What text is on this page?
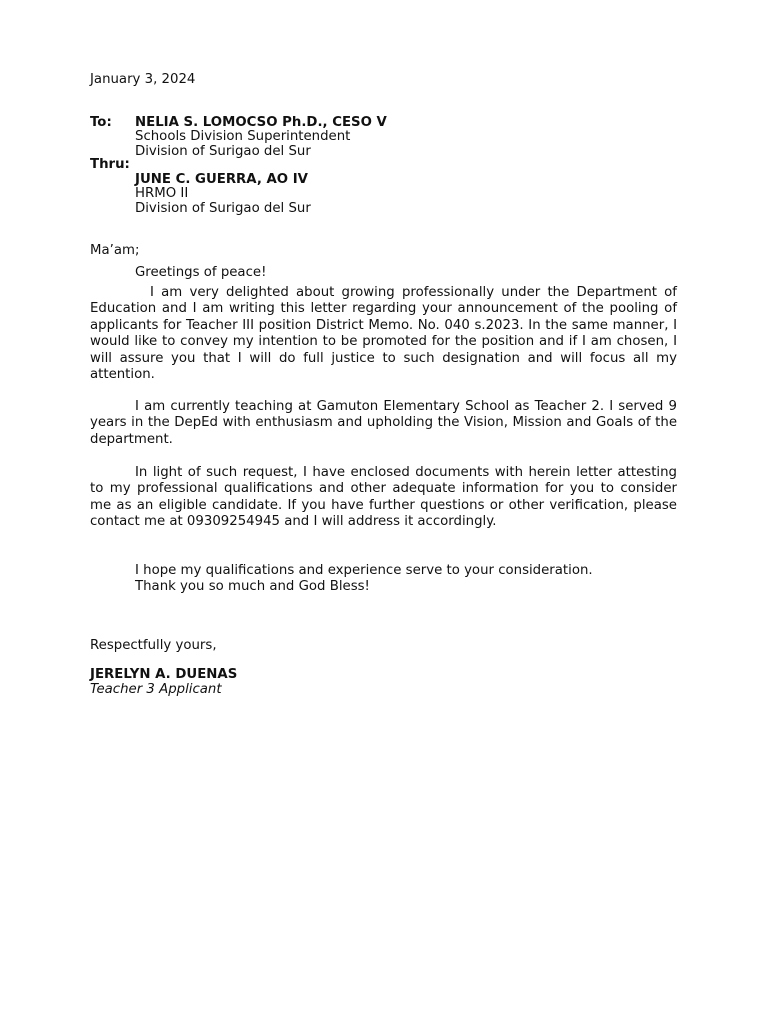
January 3, 2024
To: NELIA S. LOMOCSO Ph.D., CESO V
Schools Division Superintendent
Division of Surigao del Sur
Thru:
JUNE C. GUERRA, AO IV
HRMO II
Division of Surigao del Sur
Ma’am;
Greetings of peace!
I am very delighted about growing professionally under the Department of Education and I am writing this letter regarding your announcement of the pooling of applicants for Teacher III position District Memo. No. 040 s.2023. In the same manner, I would like to convey my intention to be promoted for the position and if I am chosen, I will assure you that I will do full justice to such designation and will focus all my attention.
I am currently teaching at Gamuton Elementary School as Teacher 2. I served 9 years in the DepEd with enthusiasm and upholding the Vision, Mission and Goals of the department.
In light of such request, I have enclosed documents with herein letter attesting to my professional qualifications and other adequate information for you to consider me as an eligible candidate. If you have further questions or other verification, please contact me at 09309254945 and I will address it accordingly.
I hope my qualifications and experience serve to your consideration.
Thank you so much and God Bless!
Respectfully yours,
JERELYN A. DUENAS
Teacher 3 Applicant
